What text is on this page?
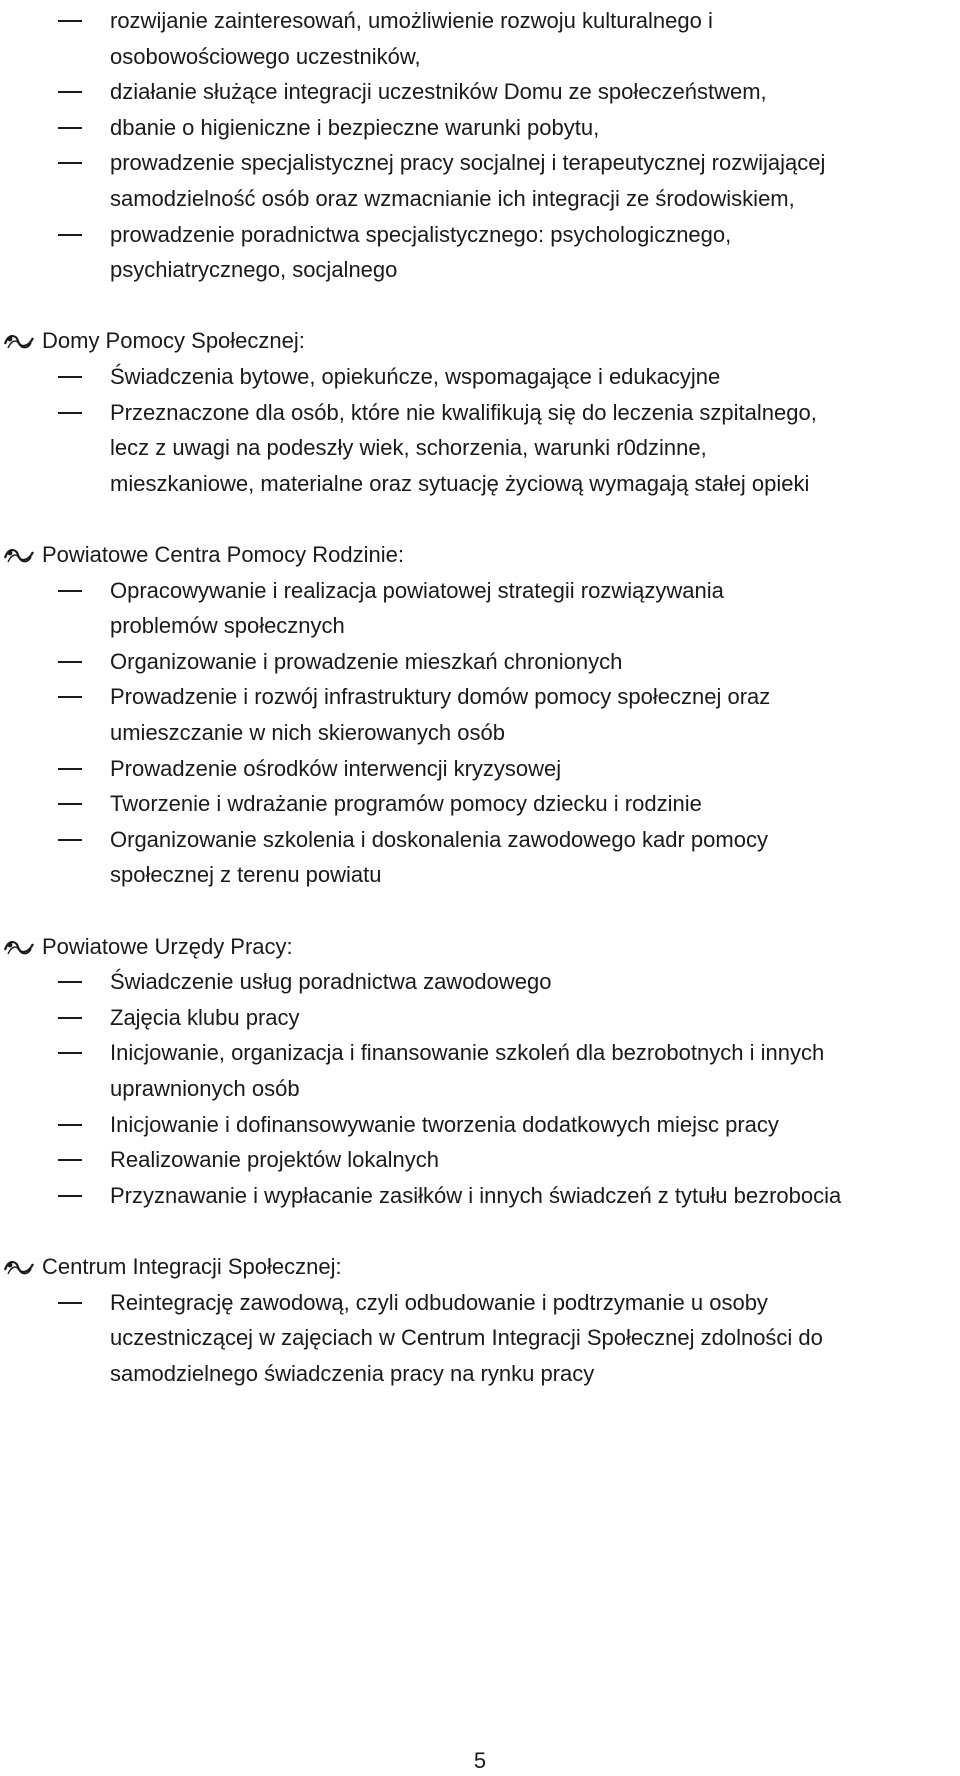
rozwijanie zainteresowań, umożliwienie rozwoju kulturalnego i
osobowościowego uczestników,
działanie służące integracji uczestników Domu ze społeczeństwem,
dbanie o higieniczne i bezpieczne warunki pobytu,
prowadzenie specjalistycznej pracy socjalnej i terapeutycznej rozwijającej
samodzielność osób oraz wzmacnianie ich integracji ze środowiskiem,
prowadzenie poradnictwa specjalistycznego: psychologicznego,
psychiatrycznego, socjalnego
Domy Pomocy Społecznej:
Świadczenia bytowe, opiekuńcze, wspomagające i edukacyjne
Przeznaczone dla osób, które nie kwalifikują się do leczenia szpitalnego,
lecz z uwagi na podeszły wiek, schorzenia, warunki r0dzinne,
mieszkaniowe, materialne oraz sytuację życiową wymagają stałej opieki
Powiatowe Centra Pomocy Rodzinie:
Opracowywanie i realizacja powiatowej strategii rozwiązywania
problemów społecznych
Organizowanie i prowadzenie mieszkań chronionych
Prowadzenie i rozwój infrastruktury domów pomocy społecznej oraz
umieszczanie w nich skierowanych osób
Prowadzenie ośrodków interwencji kryzysowej
Tworzenie i wdrażanie programów pomocy dziecku i rodzinie
Organizowanie szkolenia i doskonalenia zawodowego kadr pomocy
społecznej z terenu powiatu
Powiatowe Urzędy Pracy:
Świadczenie usług poradnictwa zawodowego
Zajęcia klubu pracy
Inicjowanie, organizacja i finansowanie szkoleń dla bezrobotnych i innych
uprawnionych osób
Inicjowanie i dofinansowywanie tworzenia dodatkowych miejsc pracy
Realizowanie projektów lokalnych
Przyznawanie i wypłacanie zasiłków i innych świadczeń z tytułu bezrobocia
Centrum Integracji Społecznej:
Reintegrację zawodową, czyli odbudowanie i podtrzymanie u osoby
uczestniczącej w zajęciach w Centrum Integracji Społecznej zdolności do
samodzielnego świadczenia pracy na rynku pracy
5
